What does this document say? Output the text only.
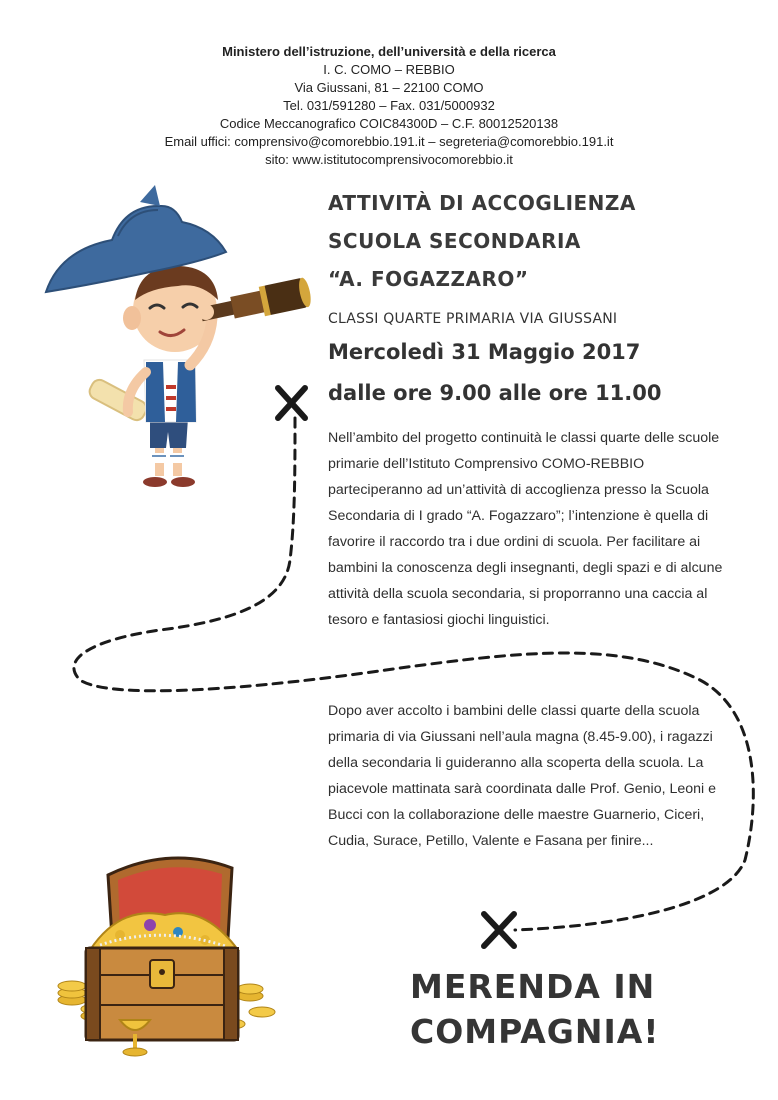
Ministero dell’istruzione, dell’università e della ricerca
I. C. COMO – REBBIO
Via Giussani, 81 – 22100 COMO
Tel. 031/591280 – Fax. 031/5000932
Codice Meccanografico COIC84300D – C.F. 80012520138
Email uffici: comprensivo@comorebbio.191.it – segreteria@comorebbio.191.it
sito: www.istitutocomprensivocomorebbio.it
ATTIVITÀ DI ACCOGLIENZA
SCUOLA SECONDARIA
“A. FOGAZZARO”
CLASSI QUARTE PRIMARIA VIA GIUSSANI
Mercoledì 31 Maggio 2017
dalle ore 9.00 alle ore 11.00
Nell’ambito del progetto continuità le classi quarte delle scuole primarie dell’Istituto Comprensivo COMO-REBBIO parteciperanno ad un’attività di accoglienza presso la Scuola Secondaria di I grado “A. Fogazzaro”; l’intenzione è quella di favorire il raccordo tra i due ordini di scuola. Per facilitare ai bambini la conoscenza degli insegnanti, degli spazi e di alcune attività della scuola secondaria, si proporranno una caccia al tesoro e fantasiosi giochi linguistici.
Dopo aver accolto i bambini delle classi quarte della scuola primaria di via Giussani nell’aula magna (8.45-9.00), i ragazzi della secondaria li guideranno alla scoperta della scuola. La piacevole mattinata sarà coordinata dalle Prof. Genio, Leoni e Bucci con la collaborazione delle maestre Guarnerio, Ciceri, Cudia, Surace, Petillo, Valente e Fasana per finire...
MERENDA IN
COMPAGNIA!
